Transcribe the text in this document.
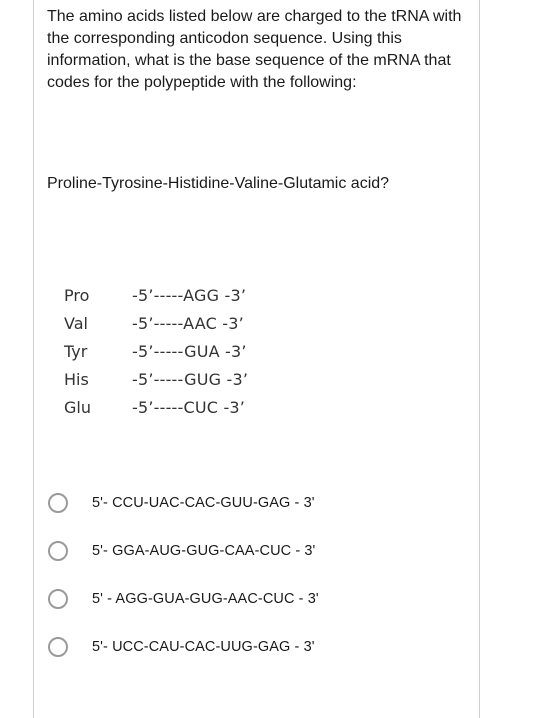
The amino acids listed below are charged to the tRNA with the corresponding anticodon sequence. Using this information, what is the base sequence of the mRNA that codes for the polypeptide with the following:

Proline-Tyrosine-Histidine-Valine-Glutamic acid?

Pro	-5’-----AGG -3’
Val	-5’-----AAC -3’
Tyr	-5’-----GUA -3’
His	-5’-----GUG -3’
Glu	-5’-----CUC -3’
5'- CCU-UAC-CAC-GUU-GAG - 3'
5'- GGA-AUG-GUG-CAA-CUC - 3'
5' - AGG-GUA-GUG-AAC-CUC - 3'
5'- UCC-CAU-CAC-UUG-GAG - 3'
